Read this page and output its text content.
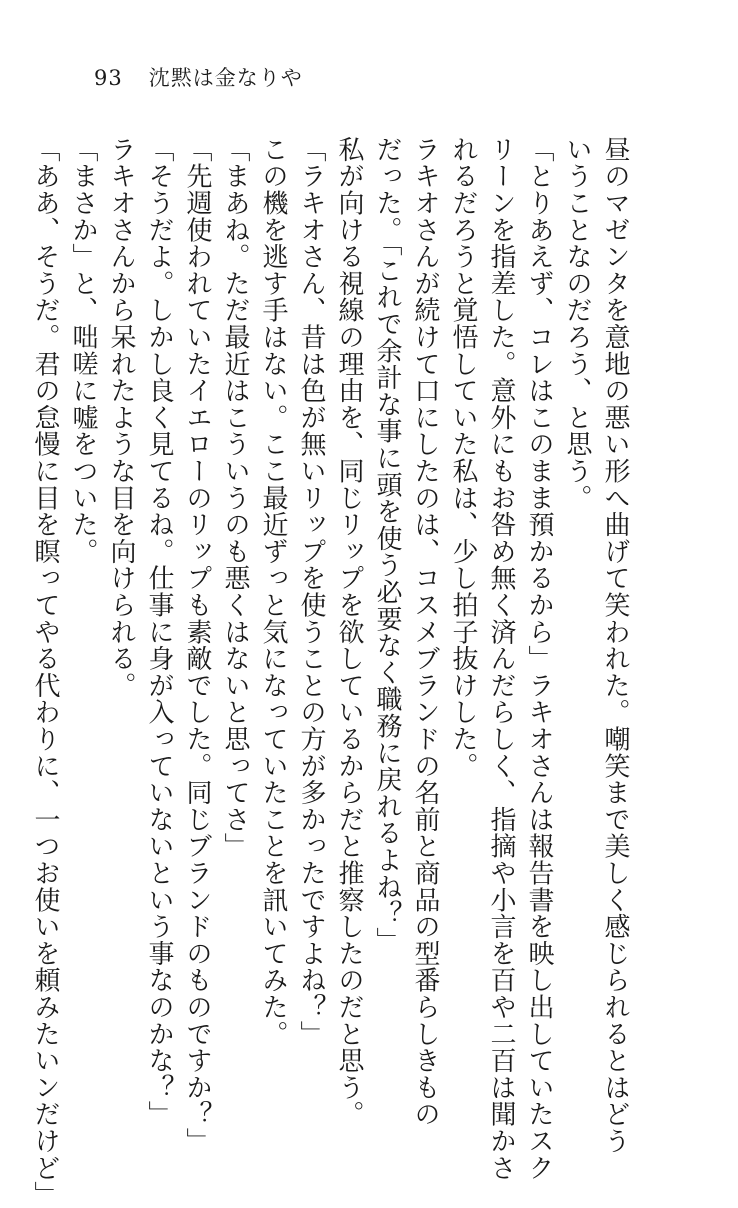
93 沈黙は金なりや

昼のマゼンタを意地の悪い形へ曲げて笑われた。嘲笑まで美しく感じられるとはどう

いうことなのだろう、と思う。

「とりあえず、コレはこのまま預かるから」ラキオさんは報告書を映し出していたスク

リーンを指差した。意外にもお咎め無く済んだらしく、指摘や小言を百や二百は聞かさ

れるだろうと覚悟していた私は、少し拍子抜けした。

ラキオさんが続けて口にしたのは、コスメブランドの名前と商品の型番らしきもの

だった。「これで余計な事に頭を使う必要なく職務に戻れるよね？」

私が向ける視線の理由を、同じリップを欲しているからだと推察したのだと思う。

「ラキオさん、昔は色が無いリップを使うことの方が多かったですよね？」

この機を逃す手はない。ここ最近ずっと気になっていたことを訊いてみた。

「まあね。ただ最近はこういうのも悪くはないと思ってさ」

「先週使われていたイエローのリップも素敵でした。同じブランドのものですか？」

「そうだよ。しかし良く見てるね。仕事に身が入っていないという事なのかな？」

ラキオさんから呆れたような目を向けられる。

「まさか」と、咄嗟に嘘をついた。

「ああ、そうだ。君の怠慢に目を瞑ってやる代わりに、一つお使いを頼みたいンだけど」
